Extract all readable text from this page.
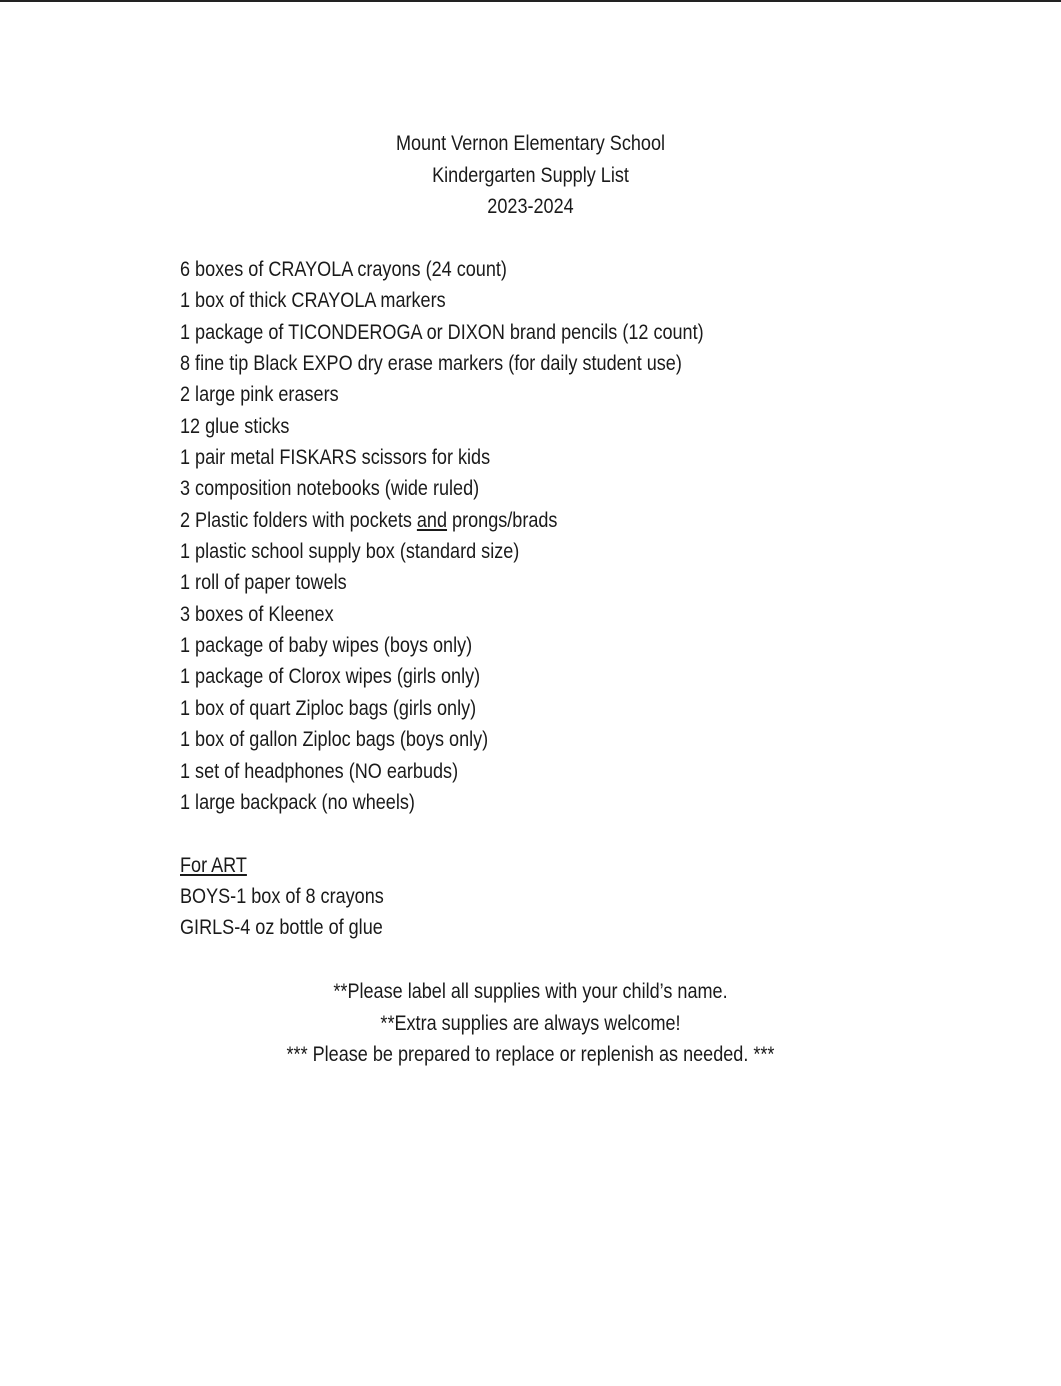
Mount Vernon Elementary School
Kindergarten Supply List
2023-2024
6 boxes of CRAYOLA crayons (24 count)
1 box of thick CRAYOLA markers
1 package of TICONDEROGA or DIXON brand pencils (12 count)
8 fine tip Black EXPO dry erase markers (for daily student use)
2 large pink erasers
12 glue sticks
1 pair metal FISKARS scissors for kids
3 composition notebooks (wide ruled)
2 Plastic folders with pockets and prongs/brads
1 plastic school supply box (standard size)
1 roll of paper towels
3 boxes of Kleenex
1 package of baby wipes (boys only)
1 package of Clorox wipes (girls only)
1 box of quart Ziploc bags (girls only)
1 box of gallon Ziploc bags (boys only)
1 set of headphones (NO earbuds)
1 large backpack (no wheels)
For ART
BOYS-1 box of 8 crayons
GIRLS-4 oz bottle of glue
**Please label all supplies with your child’s name.
**Extra supplies are always welcome!
*** Please be prepared to replace or replenish as needed. ***
